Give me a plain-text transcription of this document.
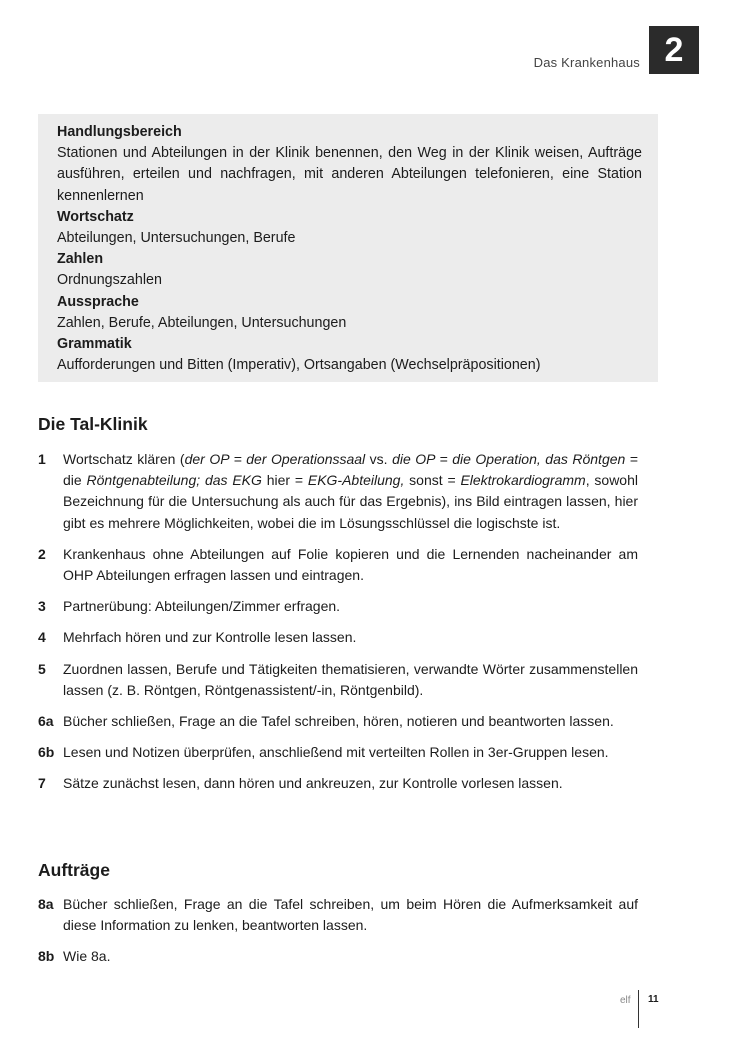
Das Krankenhaus 2
Handlungsbereich

Stationen und Abteilungen in der Klinik benennen, den Weg in der Klinik weisen, Aufträge ausführen, erteilen und nachfragen, mit anderen Abteilungen telefonieren, eine Station kennenlernen

Wortschatz

Abteilungen, Untersuchungen, Berufe

Zahlen

Ordnungszahlen

Aussprache

Zahlen, Berufe, Abteilungen, Untersuchungen

Grammatik

Aufforderungen und Bitten (Imperativ), Ortsangaben (Wechselpräpositionen)

Die Tal-Klinik
1 Wortschatz klären (der OP = der Operationssaal vs. die OP = die Operation, das Röntgen = die Röntgenabteilung; das EKG hier = EKG-Abteilung, sonst = Elektrokardiogramm, sowohl Bezeichnung für die Untersuchung als auch für das Ergebnis), ins Bild eintragen lassen, hier gibt es mehrere Möglichkeiten, wobei die im Lösungsschlüssel die logischste ist.
2 Krankenhaus ohne Abteilungen auf Folie kopieren und die Lernenden nacheinander am OHP Abteilungen erfragen lassen und eintragen.
3 Partnerübung: Abteilungen/Zimmer erfragen.
4 Mehrfach hören und zur Kontrolle lesen lassen.
5 Zuordnen lassen, Berufe und Tätigkeiten thematisieren, verwandte Wörter zusammenstellen lassen (z. B. Röntgen, Röntgenassistent/-in, Röntgenbild).
6a Bücher schließen, Frage an die Tafel schreiben, hören, notieren und beantworten lassen.
6b Lesen und Notizen überprüfen, anschließend mit verteilten Rollen in 3er-Gruppen lesen.
7 Sätze zunächst lesen, dann hören und ankreuzen, zur Kontrolle vorlesen lassen.
Aufträge
8a Bücher schließen, Frage an die Tafel schreiben, um beim Hören die Aufmerksamkeit auf diese Information zu lenken, beantworten lassen.
8b Wie 8a.
elf 11
